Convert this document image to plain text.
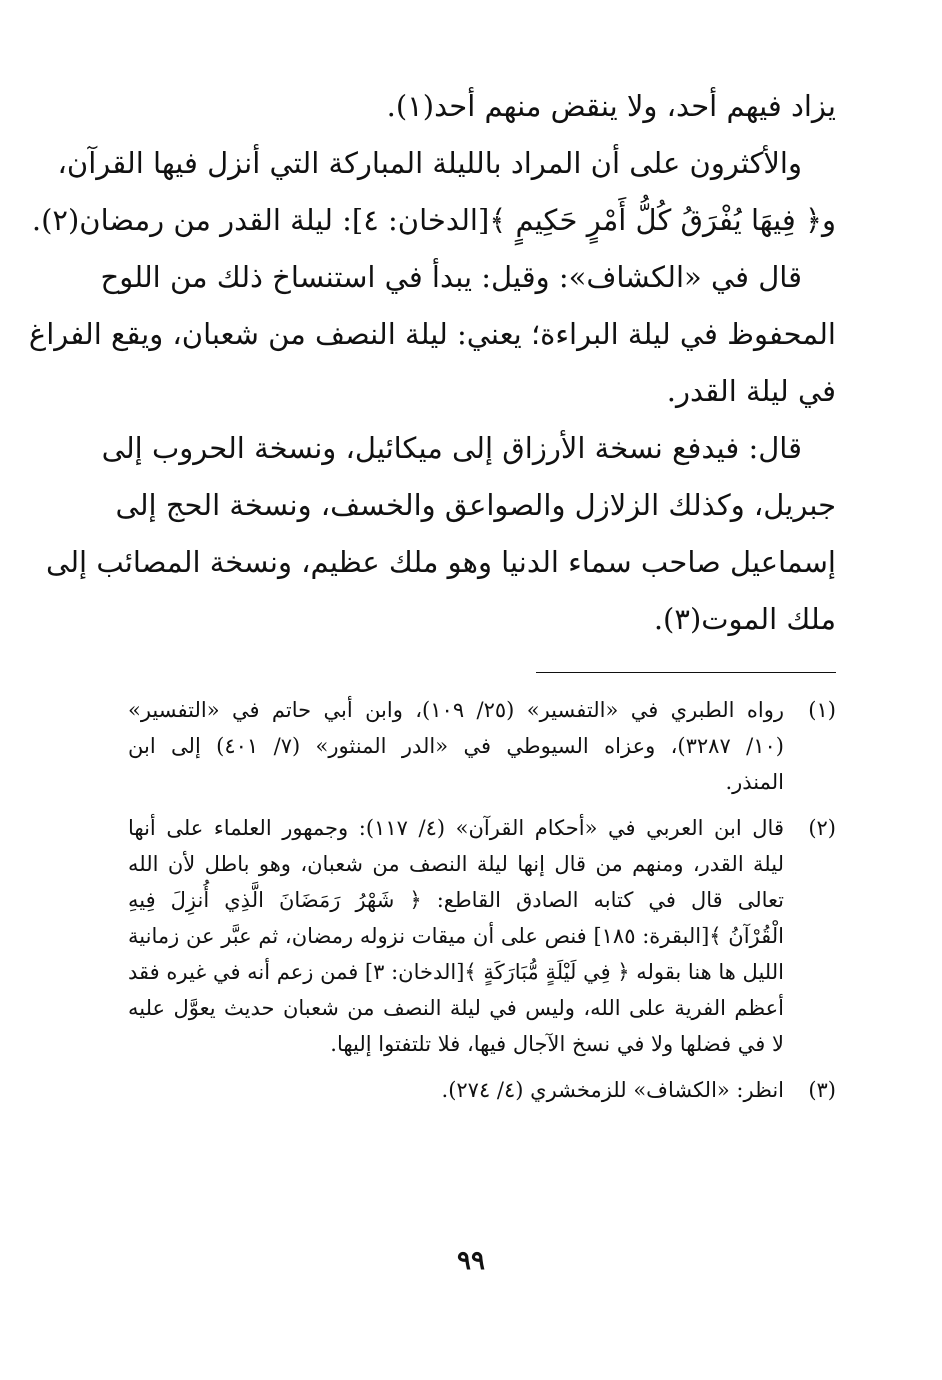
يزاد فيهم أحد، ولا ينقض منهم أحد(١).
والأكثرون على أن المراد بالليلة المباركة التي أنزل فيها القرآن،
و﴿ فِيهَا يُفْرَقُ كُلُّ أَمْرٍ حَكِيمٍ ﴾[الدخان: ٤]: ليلة القدر من رمضان(٢).
قال في «الكشاف»: وقيل: يبدأ في استنساخ ذلك من اللوح
المحفوظ في ليلة البراءة؛ يعني: ليلة النصف من شعبان، ويقع الفراغ
في ليلة القدر.
قال: فيدفع نسخة الأرزاق إلى ميكائيل، ونسخة الحروب إلى
جبريل، وكذلك الزلازل والصواعق والخسف، ونسخة الحج إلى
إسماعيل صاحب سماء الدنيا وهو ملك عظيم، ونسخة المصائب إلى
ملك الموت(٣).
(١)رواه الطبري في «التفسير» (٢٥/ ١٠٩)، وابن أبي حاتم في «التفسير»
(١٠/ ٣٢٨٧)، وعزاه السيوطي في «الدر المنثور» (٧/ ٤٠١) إلى ابن
المنذر.
(٢)قال ابن العربي في «أحكام القرآن» (٤/ ١١٧): وجمهور العلماء على أنها
ليلة القدر، ومنهم من قال إنها ليلة النصف من شعبان، وهو باطل لأن الله
تعالى قال في كتابه الصادق القاطع: ﴿ شَهْرُ رَمَضَانَ الَّذِي أُنزِلَ فِيهِ
الْقُرْآنُ ﴾[البقرة: ١٨٥] فنص على أن ميقات نزوله رمضان، ثم عبَّر عن زمانية
الليل ها هنا بقوله ﴿ فِي لَيْلَةٍ مُّبَارَكَةٍ ﴾[الدخان: ٣] فمن زعم أنه في غيره فقد
أعظم الفرية على الله، وليس في ليلة النصف من شعبان حديث يعوَّل عليه
لا في فضلها ولا في نسخ الآجال فيها، فلا تلتفتوا إليها.
(٣)انظر: «الكشاف» للزمخشري (٤/ ٢٧٤).
٩٩
